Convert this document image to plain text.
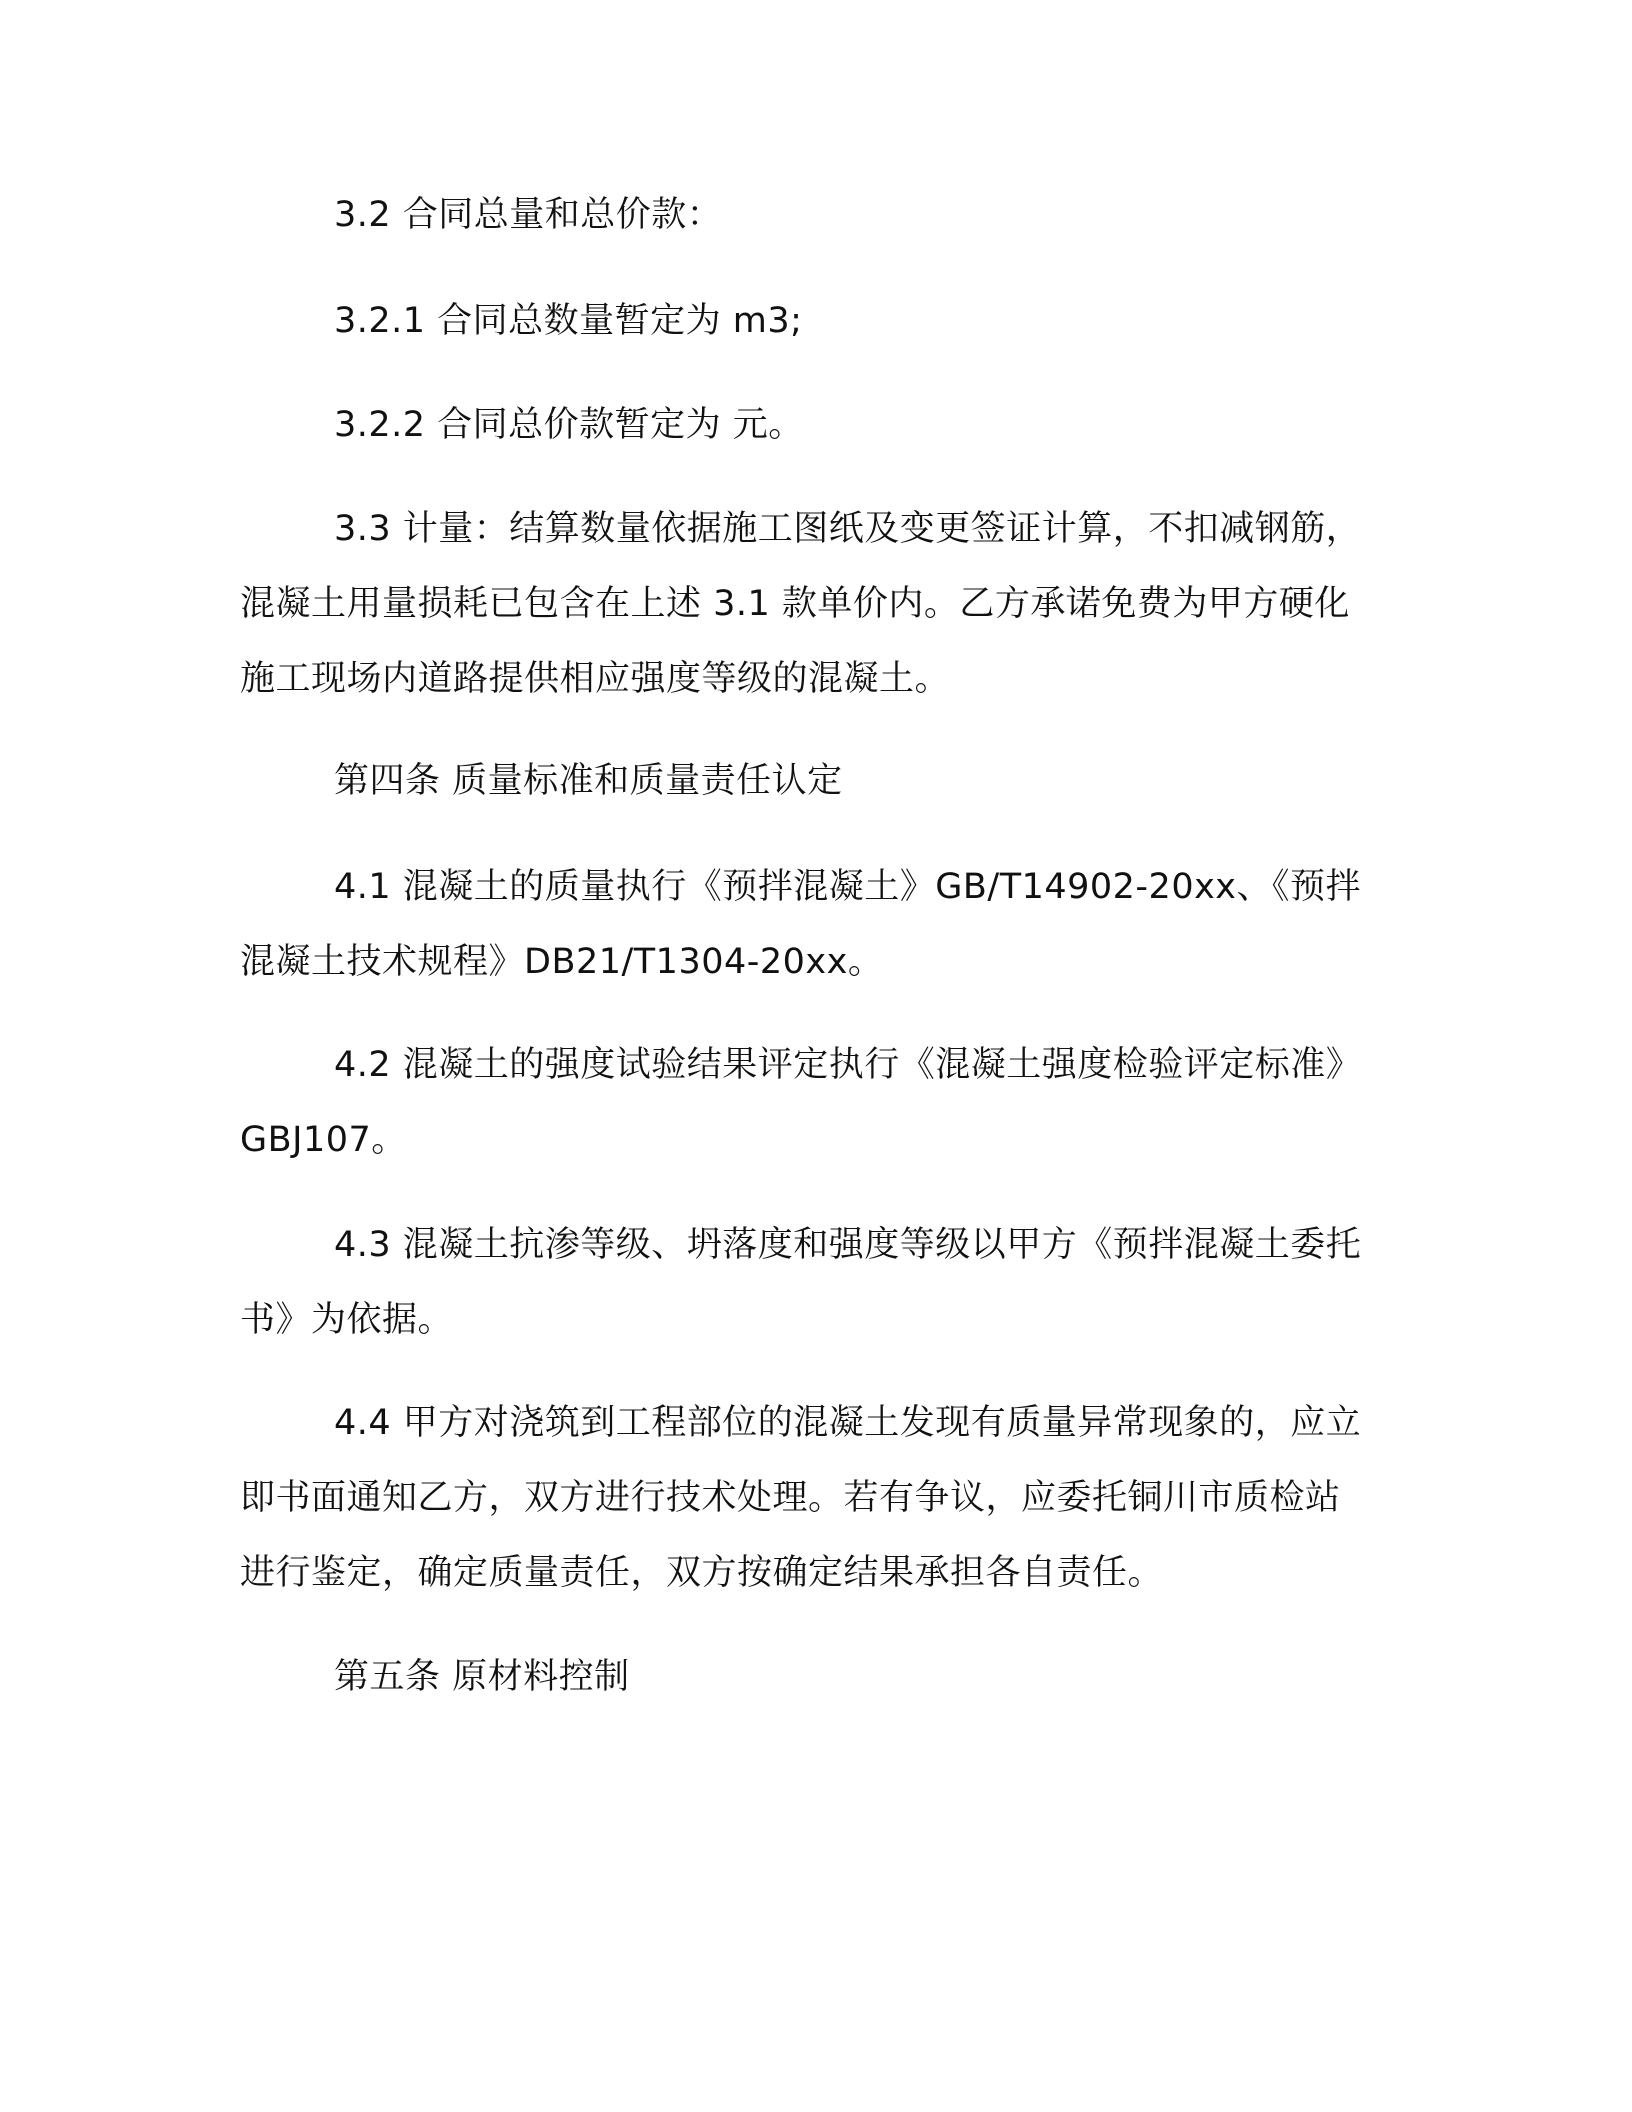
3.2 合同总量和总价款：

3.2.1 合同总数量暂定为 m3;

3.2.2 合同总价款暂定为 元。

3.3 计量：结算数量依据施工图纸及变更签证计算，不扣减钢筋，混凝土用量损耗已包含在上述 3.1 款单价内。乙方承诺免费为甲方硬化施工现场内道路提供相应强度等级的混凝土。

第四条 质量标准和质量责任认定

4.1 混凝土的质量执行《预拌混凝土》GB/T14902-20xx、《预拌混凝土技术规程》DB21/T1304-20xx。

4.2 混凝土的强度试验结果评定执行《混凝土强度检验评定标准》GBJ107。

4.3 混凝土抗渗等级、坍落度和强度等级以甲方《预拌混凝土委托书》为依据。

4.4 甲方对浇筑到工程部位的混凝土发现有质量异常现象的，应立即书面通知乙方，双方进行技术处理。若有争议，应委托铜川市质检站进行鉴定，确定质量责任，双方按确定结果承担各自责任。

第五条 原材料控制
